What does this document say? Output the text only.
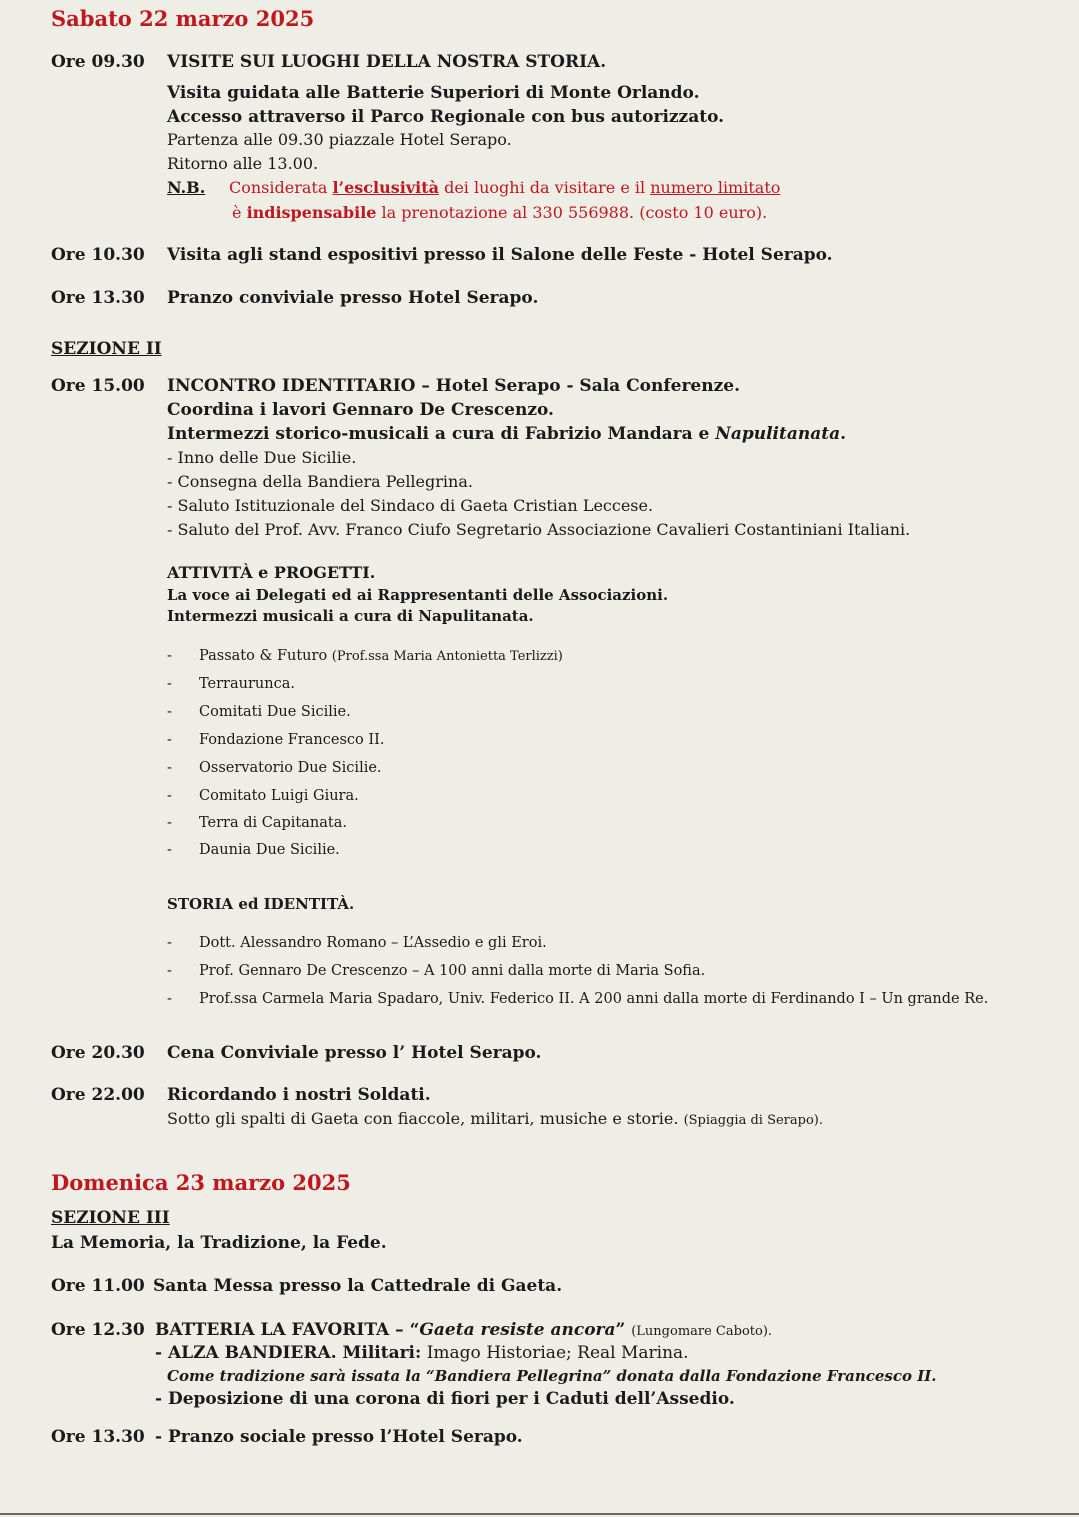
Sabato 22 marzo 2025
Ore 09.30 VISITE SUI LUOGHI DELLA NOSTRA STORIA.
Visita guidata alle Batterie Superiori di Monte Orlando.
Accesso attraverso il Parco Regionale con bus autorizzato.
Partenza alle 09.30 piazzale Hotel Serapo.
Ritorno alle 13.00.
N.B. Considerata l’esclusività dei luoghi da visitare e il numero limitato
è indispensabile la prenotazione al 330 556988. (costo 10 euro).
Ore 10.30 Visita agli stand espositivi presso il Salone delle Feste - Hotel Serapo.
Ore 13.30 Pranzo conviviale presso Hotel Serapo.
SEZIONE II
Ore 15.00 INCONTRO IDENTITARIO – Hotel Serapo - Sala Conferenze.
Coordina i lavori Gennaro De Crescenzo.
Intermezzi storico-musicali a cura di Fabrizio Mandara e Napulitanata.
- Inno delle Due Sicilie.
- Consegna della Bandiera Pellegrina.
- Saluto Istituzionale del Sindaco di Gaeta Cristian Leccese.
- Saluto del Prof. Avv. Franco Ciufo Segretario Associazione Cavalieri Costantiniani Italiani.
ATTIVITÀ e PROGETTI.
La voce ai Delegati ed ai Rappresentanti delle Associazioni.
Intermezzi musicali a cura di Napulitanata.
- Passato & Futuro (Prof.ssa Maria Antonietta Terlizzi)
- Terraurunca.
- Comitati Due Sicilie.
- Fondazione Francesco II.
- Osservatorio Due Sicilie.
- Comitato Luigi Giura.
- Terra di Capitanata.
- Daunia Due Sicilie.
STORIA ed IDENTITÀ.
- Dott. Alessandro Romano – L’Assedio e gli Eroi.
- Prof. Gennaro De Crescenzo – A 100 anni dalla morte di Maria Sofia.
- Prof.ssa Carmela Maria Spadaro, Univ. Federico II. A 200 anni dalla morte di Ferdinando I – Un grande Re.
Ore 20.30 Cena Conviviale presso l’ Hotel Serapo.
Ore 22.00 Ricordando i nostri Soldati.
Sotto gli spalti di Gaeta con fiaccole, militari, musiche e storie. (Spiaggia di Serapo).
Domenica 23 marzo 2025
SEZIONE III
La Memoria, la Tradizione, la Fede.
Ore 11.00 Santa Messa presso la Cattedrale di Gaeta.
Ore 12.30 BATTERIA LA FAVORITA – “Gaeta resiste ancora” (Lungomare Caboto).
- ALZA BANDIERA. Militari: Imago Historiae; Real Marina.
Come tradizione sarà issata la “Bandiera Pellegrina” donata dalla Fondazione Francesco II.
- Deposizione di una corona di fiori per i Caduti dell’Assedio.
Ore 13.30 - Pranzo sociale presso l’Hotel Serapo.
